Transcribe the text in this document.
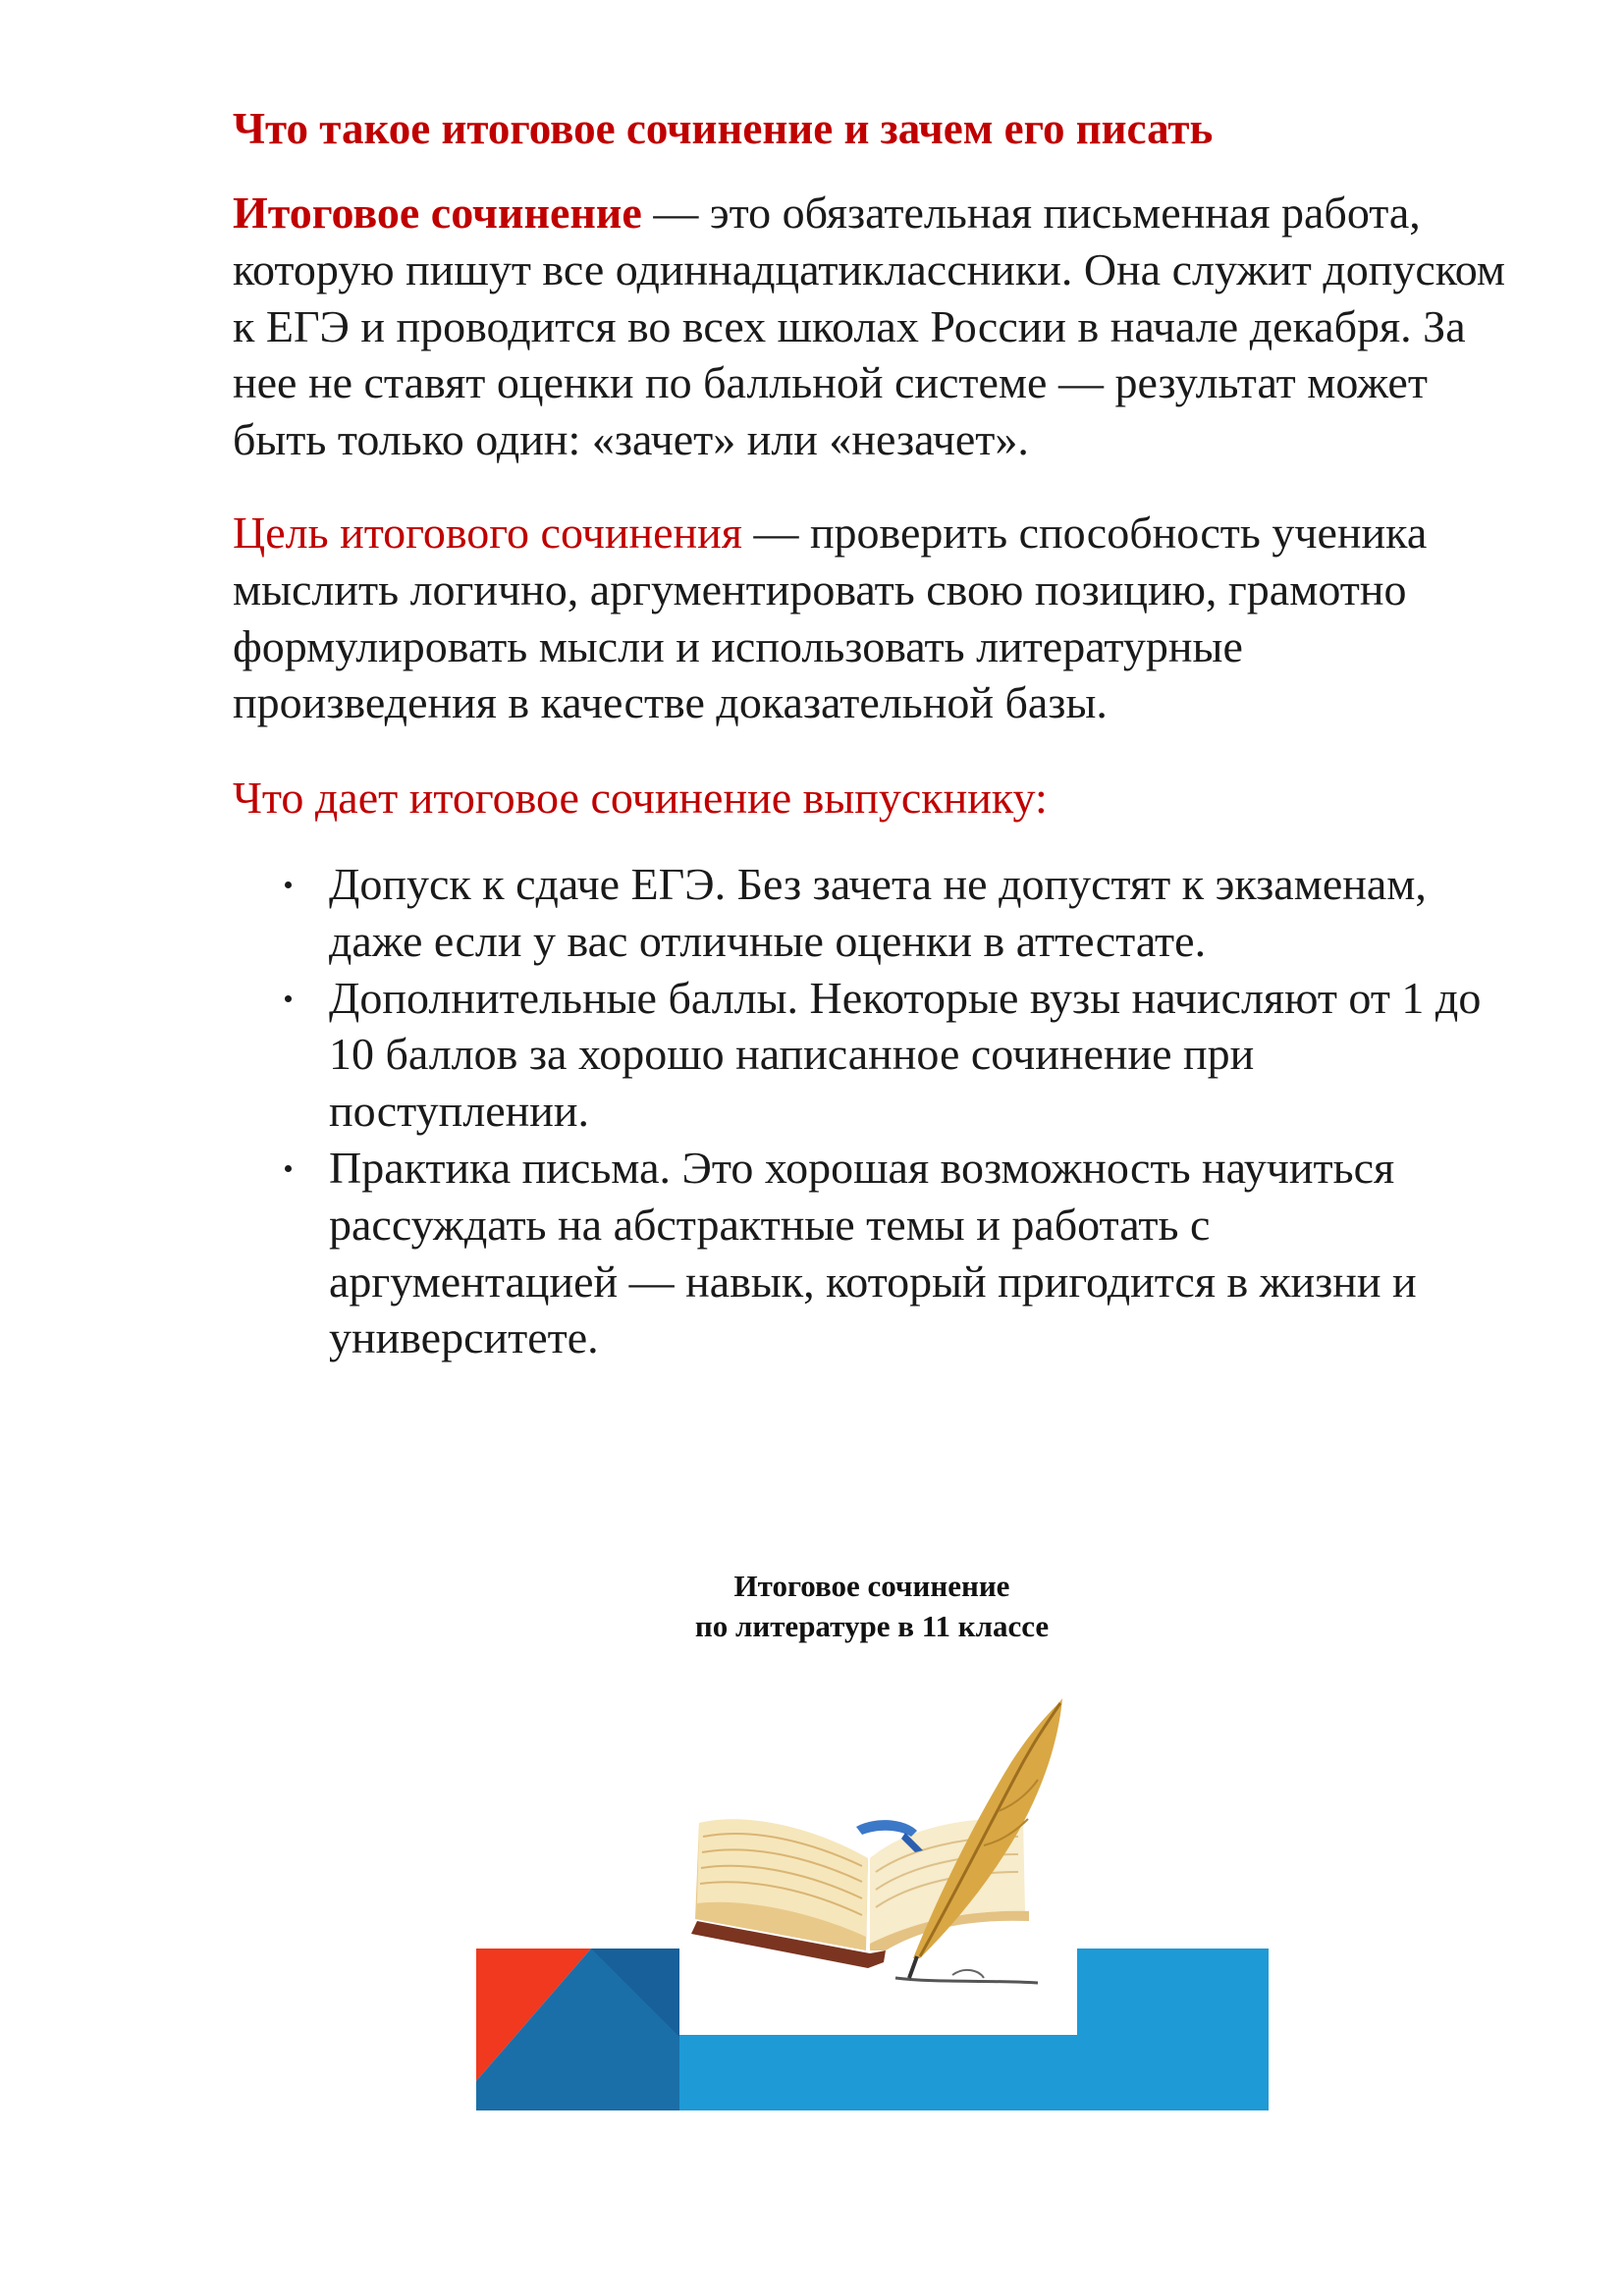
Что такое итоговое сочинение и зачем его писать

Итоговое сочинение — это обязательная письменная работа, которую пишут все одиннадцатиклассники. Она служит допуском к ЕГЭ и проводится во всех школах России в начале декабря. За нее не ставят оценки по балльной системе — результат может быть только один: «зачет» или «незачет».

Цель итогового сочинения — проверить способность ученика мыслить логично, аргументировать свою позицию, грамотно формулировать мысли и использовать литературные произведения в качестве доказательной базы.

Что дает итоговое сочинение выпускнику:

Допуск к сдаче ЕГЭ. Без зачета не допустят к экзаменам, даже если у вас отличные оценки в аттестате.
Дополнительные баллы. Некоторые вузы начисляют от 1 до 10 баллов за хорошо написанное сочинение при поступлении.
Практика письма. Это хорошая возможность научиться рассуждать на абстрактные темы и работать с аргументацией — навык, который пригодится в жизни и университете.
Итоговое сочинение
по литературе в 11 классе
